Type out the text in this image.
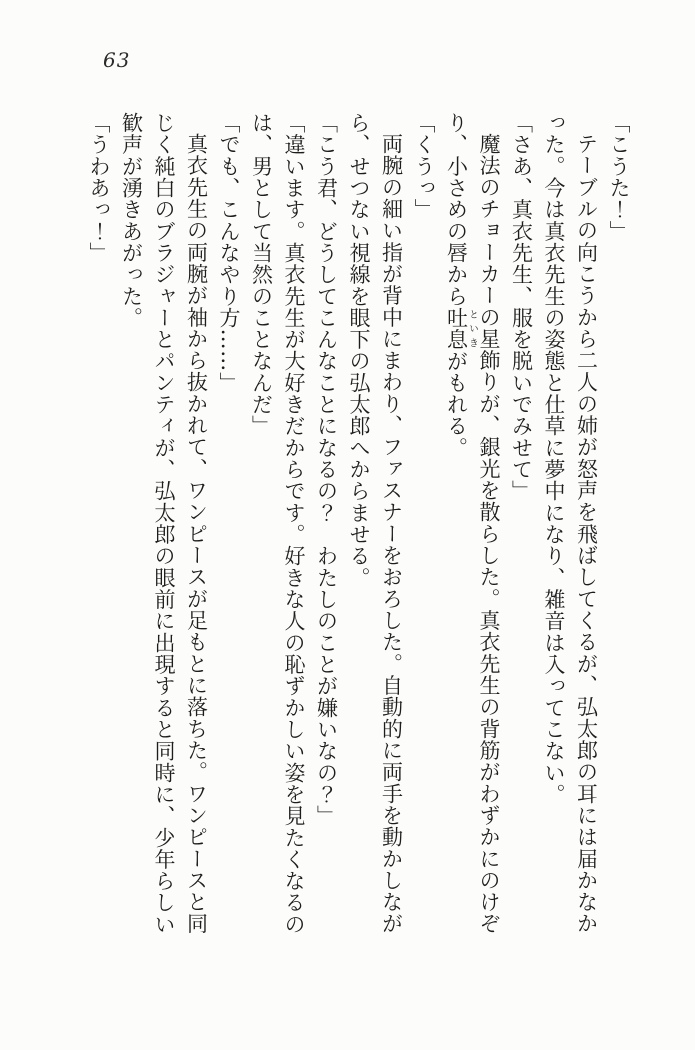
63

「こうた！」

テーブルの向こうから二人の姉が怒声を飛ばしてくるが、弘太郎の耳には届かなかった。今は真衣先生の姿態と仕草に夢中になり、雑音は入ってこない。

「さあ、真衣先生、服を脱いでみせて」

魔法のチョーカーの星飾りが、銀光を散らした。真衣先生の背筋がわずかにのけぞり、小さめの唇から吐息といきがもれる。

「くうっ」

両腕の細い指が背中にまわり、ファスナーをおろした。自動的に両手を動かしながら、せつない視線を眼下の弘太郎へからませる。

「こう君、どうしてこんなことになるの？　わたしのことが嫌いなの？」

「違います。真衣先生が大好きだからです。好きな人の恥ずかしい姿を見たくなるのは、男として当然のことなんだ」

「でも、こんなやり方……」

真衣先生の両腕が袖から抜かれて、ワンピースが足もとに落ちた。ワンピースと同じく純白のブラジャーとパンティが、弘太郎の眼前に出現すると同時に、少年らしい歓声が湧きあがった。

「うわあっ！」
